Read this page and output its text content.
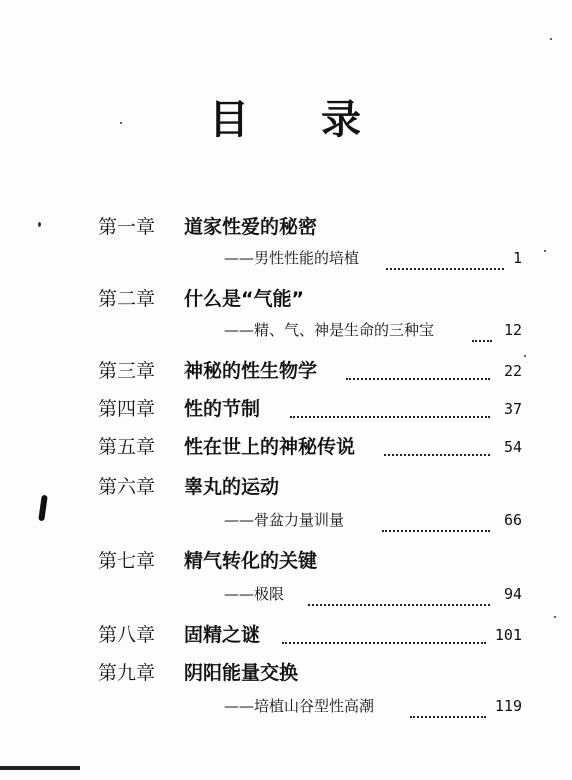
目 录
第一章 道家性爱的秘密
——男性性能的培植	1
第二章 什么是“气能”
——精、气、神是生命的三种宝	12
第三章 神秘的性生物学	22
第四章 性的节制	37
第五章 性在世上的神秘传说	54
第六章 睾丸的运动
——骨盆力量训量	66
第七章 精气转化的关键
——极限	94
第八章 固精之谜	101
第九章 阴阳能量交换
——培植山谷型性高潮	119
